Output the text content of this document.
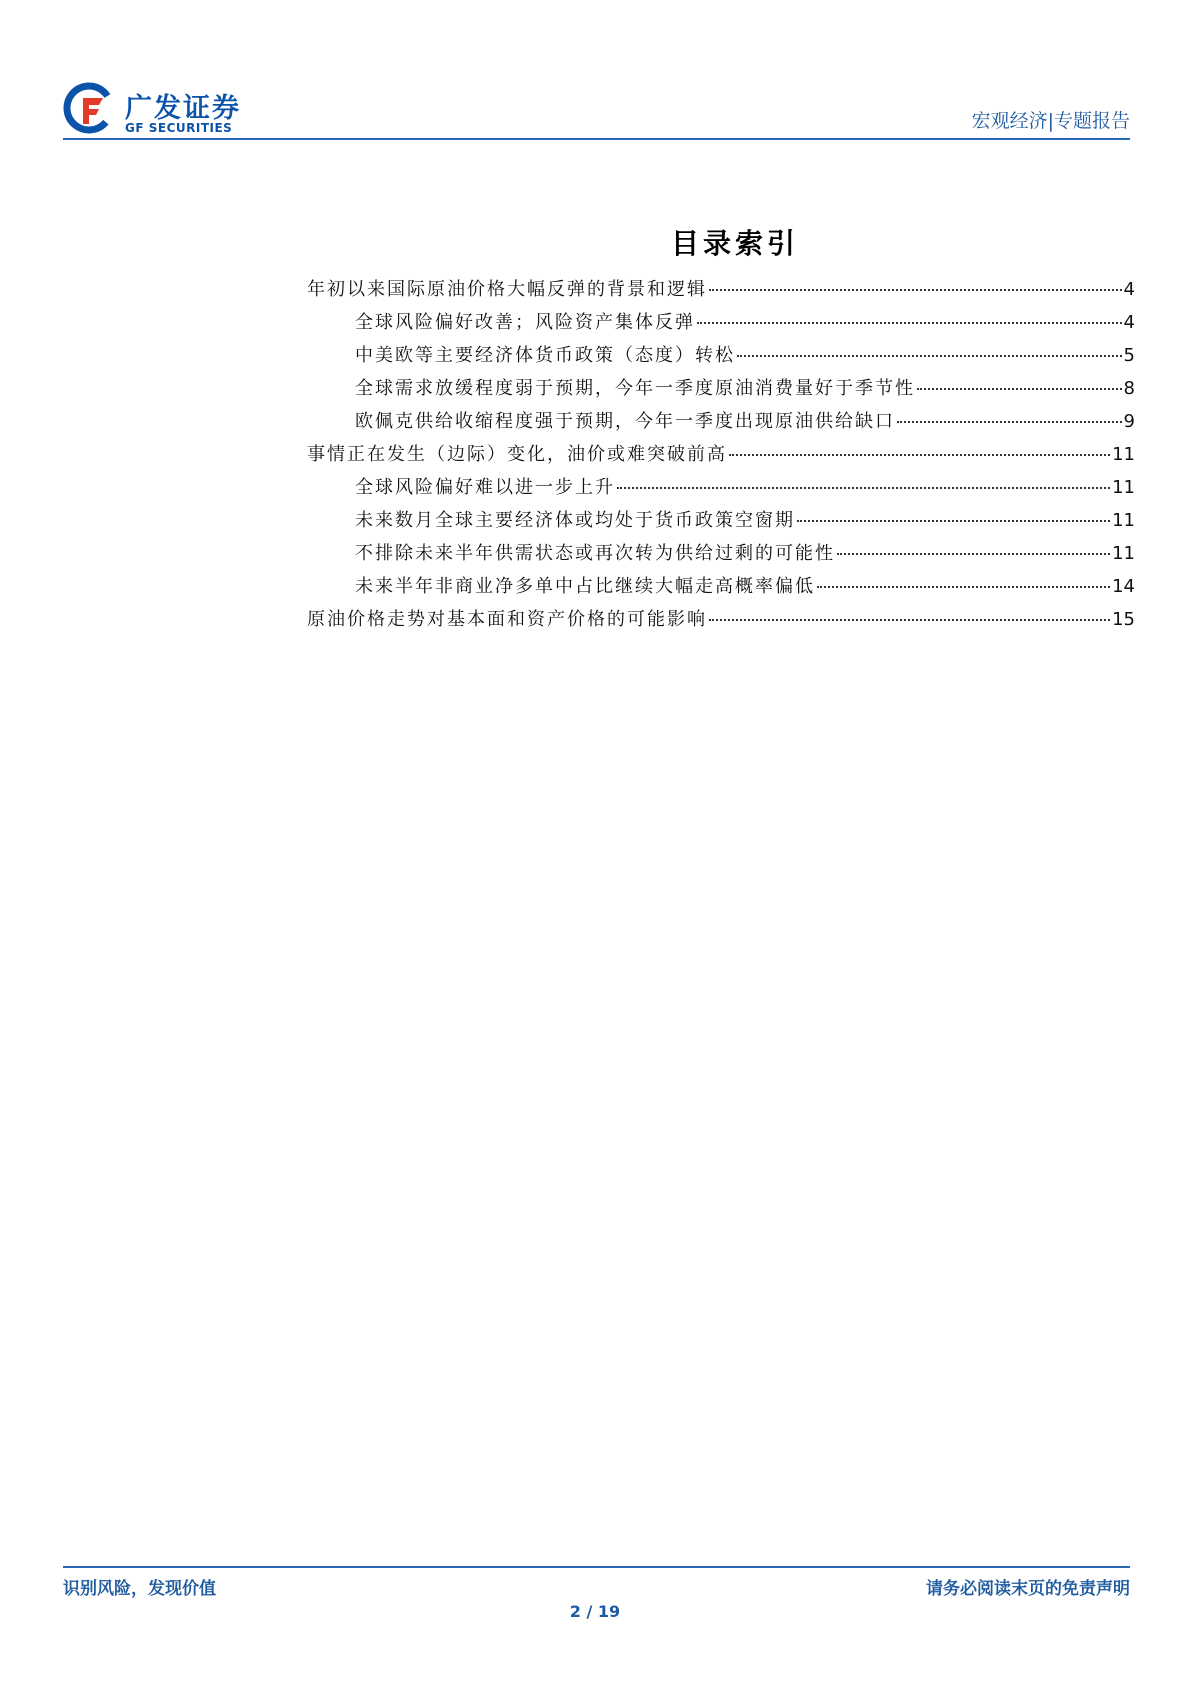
广发证券
GF SECURITIES	宏观经济|专题报告
目录索引
年初以来国际原油价格大幅反弹的背景和逻辑	4
全球风险偏好改善；风险资产集体反弹	4
中美欧等主要经济体货币政策（态度）转松	5
全球需求放缓程度弱于预期，今年一季度原油消费量好于季节性	8
欧佩克供给收缩程度强于预期，今年一季度出现原油供给缺口	9
事情正在发生（边际）变化，油价或难突破前高	11
全球风险偏好难以进一步上升	11
未来数月全球主要经济体或均处于货币政策空窗期	11
不排除未来半年供需状态或再次转为供给过剩的可能性	11
未来半年非商业净多单中占比继续大幅走高概率偏低	14
原油价格走势对基本面和资产价格的可能影响	15
识别风险，发现价值	请务必阅读末页的免责声明
2 / 19
